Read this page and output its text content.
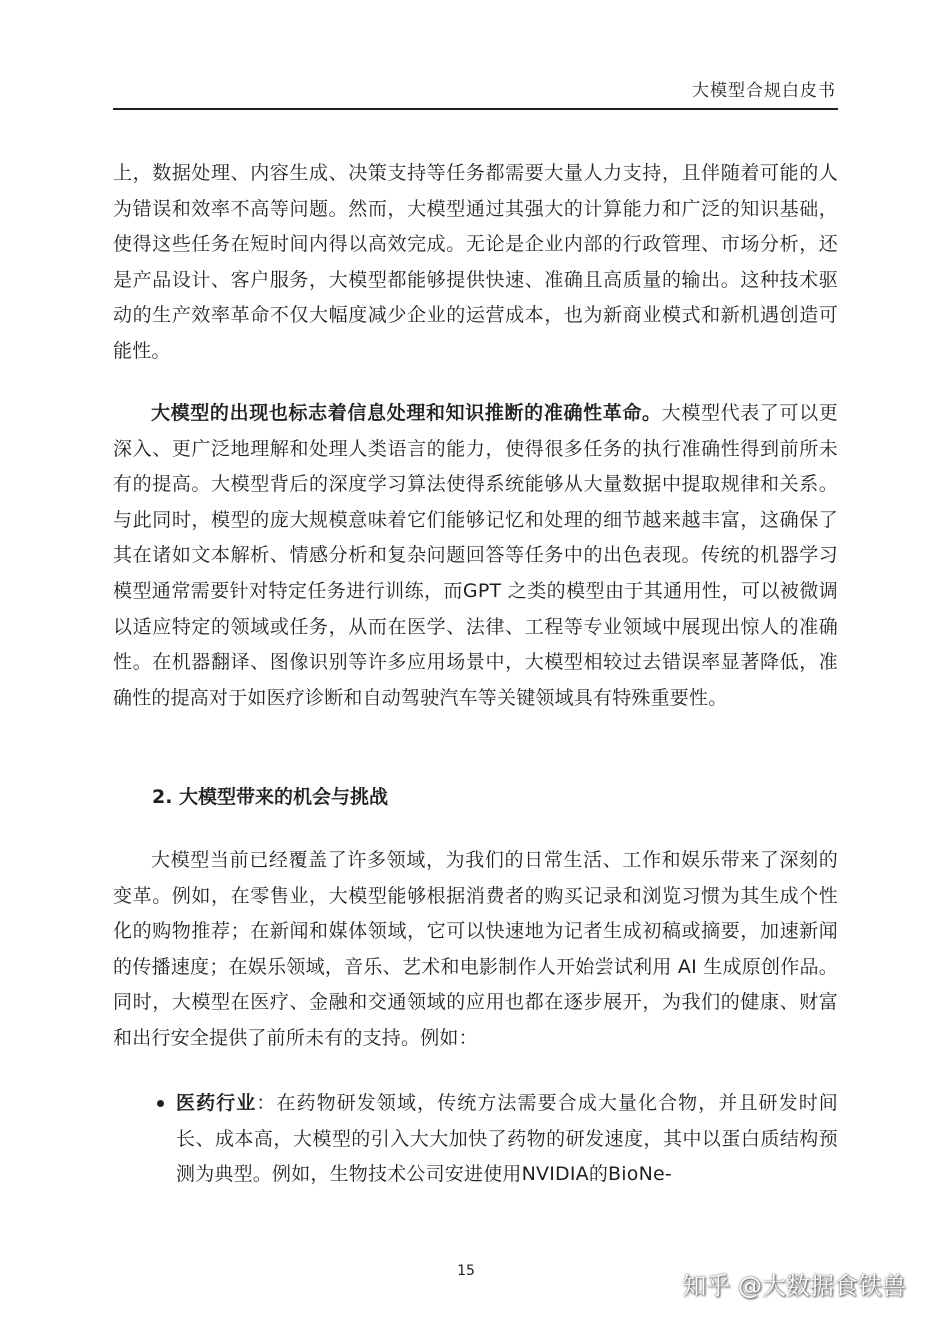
大模型合规白皮书

上，数据处理、内容生成、决策支持等任务都需要大量人力支持，且伴随着可能的人为错误和效率不高等问题。然而，大模型通过其强大的计算能力和广泛的知识基础，使得这些任务在短时间内得以高效完成。无论是企业内部的行政管理、市场分析，还是产品设计、客户服务，大模型都能够提供快速、准确且高质量的输出。这种技术驱动的生产效率革命不仅大幅度减少企业的运营成本，也为新商业模式和新机遇创造可能性。

大模型的出现也标志着信息处理和知识推断的准确性革命。大模型代表了可以更深入、更广泛地理解和处理人类语言的能力，使得很多任务的执行准确性得到前所未有的提高。大模型背后的深度学习算法使得系统能够从大量数据中提取规律和关系。与此同时，模型的庞大规模意味着它们能够记忆和处理的细节越来越丰富，这确保了其在诸如文本解析、情感分析和复杂问题回答等任务中的出色表现。传统的机器学习模型通常需要针对特定任务进行训练，而GPT 之类的模型由于其通用性，可以被微调以适应特定的领域或任务，从而在医学、法律、工程等专业领域中展现出惊人的准确性。在机器翻译、图像识别等许多应用场景中，大模型相较过去错误率显著降低，准确性的提高对于如医疗诊断和自动驾驶汽车等关键领域具有特殊重要性。

2. 大模型带来的机会与挑战

大模型当前已经覆盖了许多领域，为我们的日常生活、工作和娱乐带来了深刻的变革。例如，在零售业，大模型能够根据消费者的购买记录和浏览习惯为其生成个性化的购物推荐；在新闻和媒体领域，它可以快速地为记者生成初稿或摘要，加速新闻的传播速度；在娱乐领域，音乐、艺术和电影制作人开始尝试利用 AI 生成原创作品。同时，大模型在医疗、金融和交通领域的应用也都在逐步展开，为我们的健康、财富和出行安全提供了前所未有的支持。例如：

医药行业：在药物研发领域，传统方法需要合成大量化合物，并且研发时间长、成本高，大模型的引入大大加快了药物的研发速度，其中以蛋白质结构预测为典型。例如，生物技术公司安进使用NVIDIA的BioNe-

15
知乎 @大数据食铁兽
